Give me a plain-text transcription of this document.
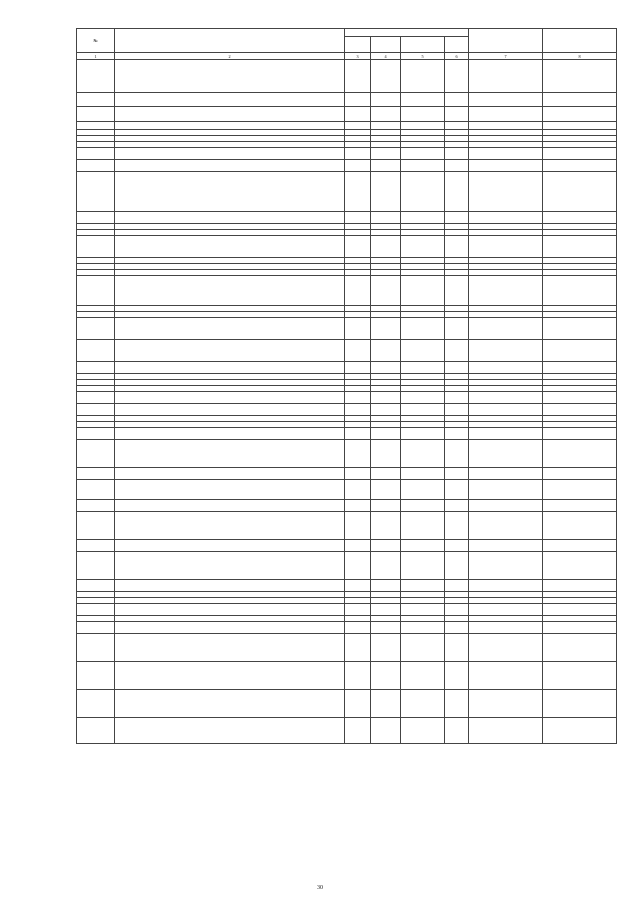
№							

1	2	3	4	5	6	7	8

30
